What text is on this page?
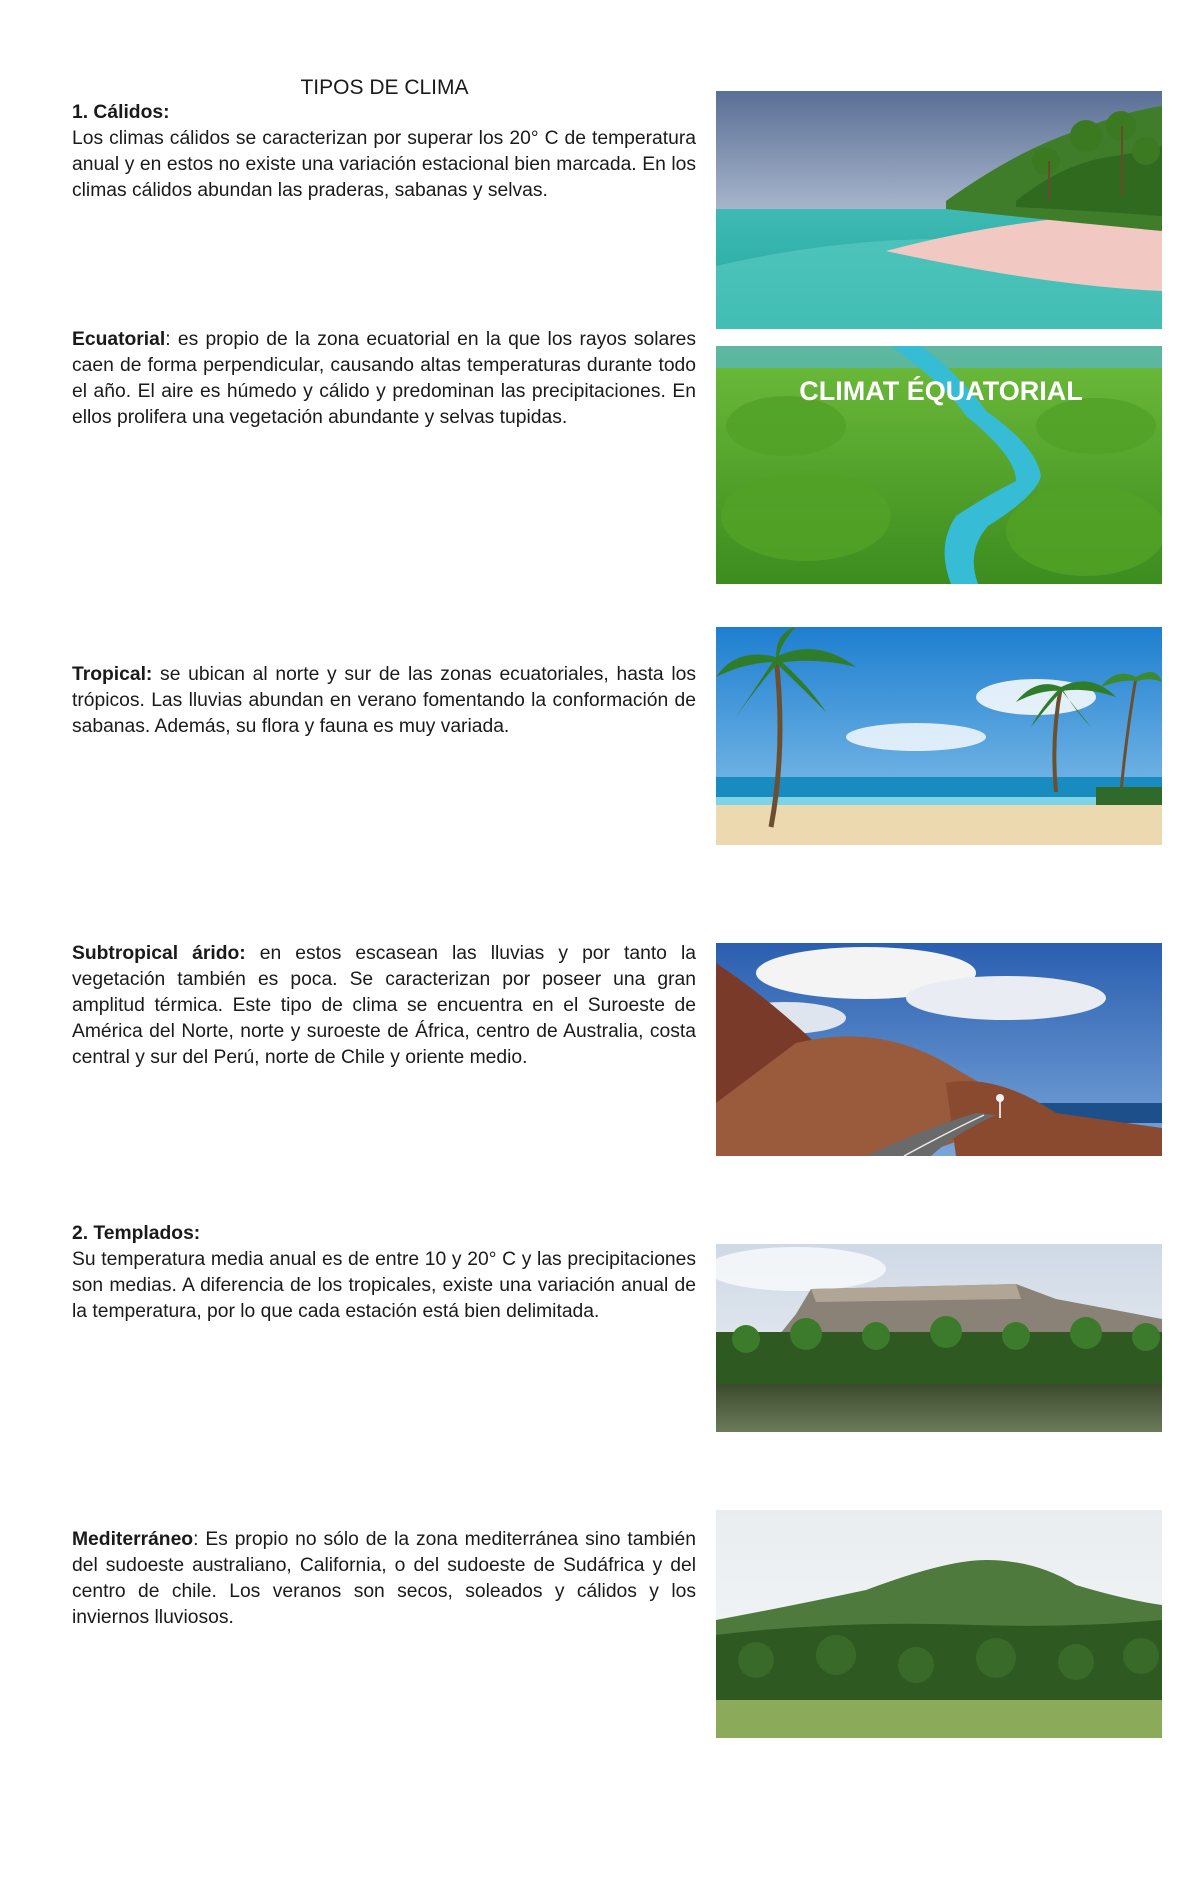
TIPOS DE CLIMA
1. Cálidos:

Los climas cálidos se caracterizan por superar los 20° C de temperatura anual y en estos no existe una variación estacional bien marcada. En los climas cálidos abundan las praderas, sabanas y selvas.

Ecuatorial: es propio de la zona ecuatorial en la que los rayos solares caen de forma perpendicular, causando altas temperaturas durante todo el año. El aire es húmedo y cálido y predominan las precipitaciones. En ellos prolifera una vegetación abundante y selvas tupidas.

Tropical: se ubican al norte y sur de las zonas ecuatoriales, hasta los trópicos. Las lluvias abundan en verano fomentando la conformación de sabanas. Además, su flora y fauna es muy variada.

Subtropical árido: en estos escasean las lluvias y por tanto la vegetación también es poca. Se caracterizan por poseer una gran amplitud térmica. Este tipo de clima se encuentra en el Suroeste de América del Norte, norte y suroeste de África, centro de Australia, costa central y sur del Perú, norte de Chile y oriente medio.

2. Templados:

Su temperatura media anual es de entre 10 y 20° C y las precipitaciones son medias. A diferencia de los tropicales, existe una variación anual de la temperatura, por lo que cada estación está bien delimitada.

Mediterráneo: Es propio no sólo de la zona mediterránea sino también del sudoeste australiano, California, o del sudoeste de Sudáfrica y del centro de chile. Los veranos son secos, soleados y cálidos y los inviernos lluviosos.

CLIMAT ÉQUATORIAL
